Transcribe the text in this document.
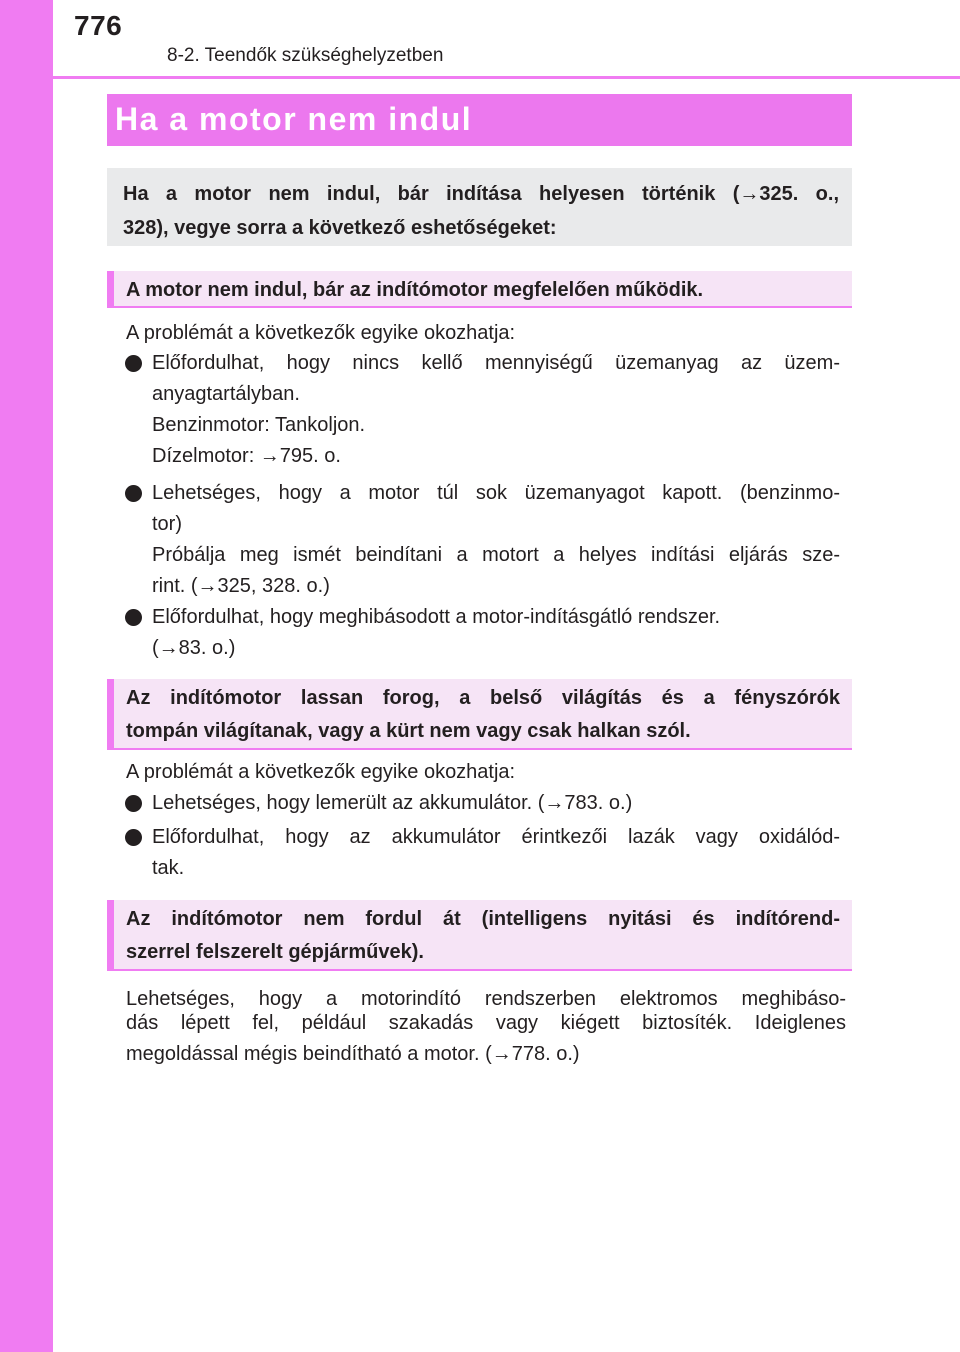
776
8-2. Teendők szükséghelyzetben
Ha a motor nem indul
Ha a motor nem indul, bár indítása helyesen történik (→325. o.,
328), vegye sorra a következő eshetőségeket:
A motor nem indul, bár az indítómotor megfelelően működik.
A problémát a következők egyike okozhatja:
Előfordulhat, hogy nincs kellő mennyiségű üzemanyag az üzem-
anyagtartályban.
Benzinmotor: Tankoljon.
Dízelmotor: →795. o.
Lehetséges, hogy a motor túl sok üzemanyagot kapott. (benzinmo-
tor)
Próbálja meg ismét beindítani a motort a helyes indítási eljárás sze-
rint. (→325, 328. o.)
Előfordulhat, hogy meghibásodott a motor-indításgátló rendszer.
(→83. o.)
Az indítómotor lassan forog, a belső világítás és a fényszórók
tompán világítanak, vagy a kürt nem vagy csak halkan szól.
A problémát a következők egyike okozhatja:
Lehetséges, hogy lemerült az akkumulátor. (→783. o.)
Előfordulhat, hogy az akkumulátor érintkezői lazák vagy oxidálód-
tak.
Az indítómotor nem fordul át (intelligens nyitási és indítórend-
szerrel felszerelt gépjárművek).
Lehetséges, hogy a motorindító rendszerben elektromos meghibáso-
dás lépett fel, például szakadás vagy kiégett biztosíték. Ideiglenes
megoldással mégis beindítható a motor. (→778. o.)
